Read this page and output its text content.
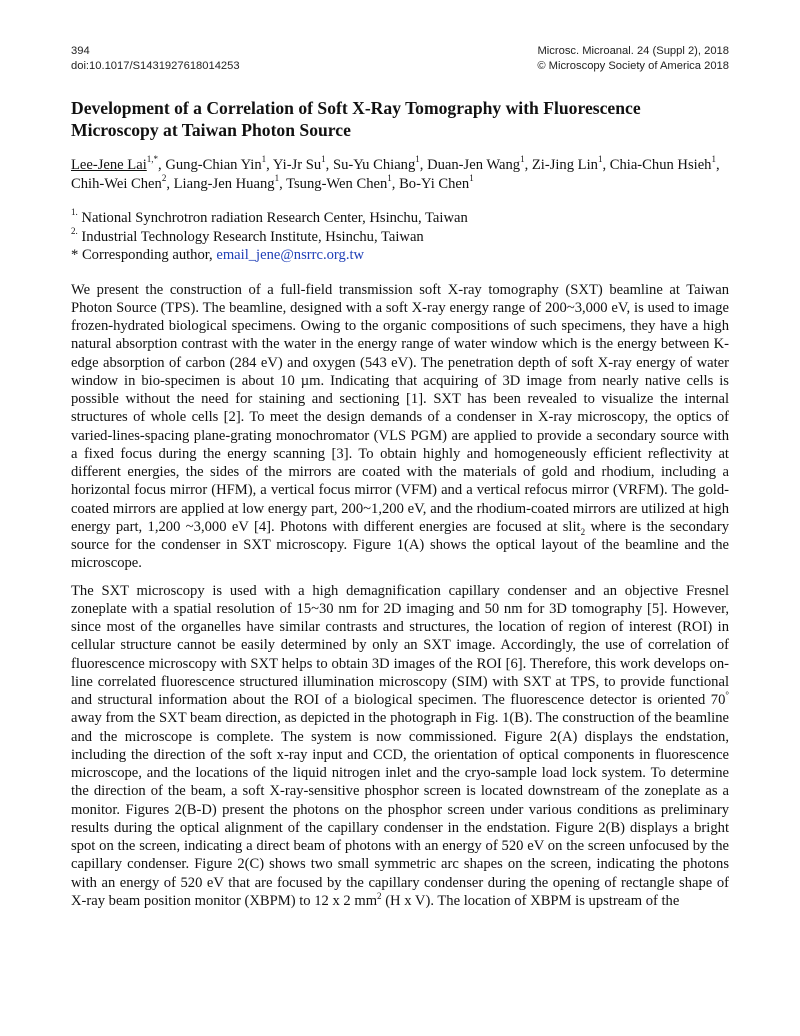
394
doi:10.1017/S1431927618014253
Microsc. Microanal. 24 (Suppl 2), 2018
© Microscopy Society of America 2018
Development of a Correlation of Soft X-Ray Tomography with Fluorescence
Microscopy at Taiwan Photon Source
Lee-Jene Lai$^{1,*}$, Gung-Chian Yin$^1$, Yi-Jr Su$^1$, Su-Yu Chiang$^1$, Duan-Jen Wang$^1$, Zi-Jing Lin$^1$, Chia-Chun Hsieh$^1$, Chih-Wei Chen$^2$, Liang-Jen Huang$^1$, Tsung-Wen Chen$^1$, Bo-Yi Chen$^1$
$^{1.}$ National Synchrotron radiation Research Center, Hsinchu, Taiwan
$^{2.}$ Industrial Technology Research Institute, Hsinchu, Taiwan
* Corresponding author, email_jene@nsrrc.org.tw

We present the construction of a full-field transmission soft X-ray tomography (SXT) beamline at Taiwan Photon Source (TPS). The beamline, designed with a soft X-ray energy range of 200~3,000 eV, is used to image frozen-hydrated biological specimens. Owing to the organic compositions of such specimens, they have a high natural absorption contrast with the water in the energy range of water window which is the energy between K-edge absorption of carbon (284 eV) and oxygen (543 eV). The penetration depth of soft X-ray energy of water window in bio-specimen is about 10 µm. Indicating that acquiring of 3D image from nearly native cells is possible without the need for staining and sectioning [1]. SXT has been revealed to visualize the internal structures of whole cells [2]. To meet the design demands of a condenser in X-ray microscopy, the optics of varied-lines-spacing plane-grating monochromator (VLS PGM) are applied to provide a secondary source with a fixed focus during the energy scanning [3]. To obtain highly and homogeneously efficient reflectivity at different energies, the sides of the mirrors are coated with the materials of gold and rhodium, including a horizontal focus mirror (HFM), a vertical focus mirror (VFM) and a vertical refocus mirror (VRFM). The gold-coated mirrors are applied at low energy part, 200~1,200 eV, and the rhodium-coated mirrors are utilized at high energy part, 1,200 ~3,000 eV [4]. Photons with different energies are focused at slit$_2$ where is the secondary source for the condenser in SXT microscopy. Figure 1(A) shows the optical layout of the beamline and the microscope.

The SXT microscopy is used with a high demagnification capillary condenser and an objective Fresnel zoneplate with a spatial resolution of 15~30 nm for 2D imaging and 50 nm for 3D tomography [5]. However, since most of the organelles have similar contrasts and structures, the location of region of interest (ROI) in cellular structure cannot be easily determined by only an SXT image. Accordingly, the use of correlation of fluorescence microscopy with SXT helps to obtain 3D images of the ROI [6]. Therefore, this work develops on-line correlated fluorescence structured illumination microscopy (SIM) with SXT at TPS, to provide functional and structural information about the ROI of a biological specimen. The fluorescence detector is oriented 70° away from the SXT beam direction, as depicted in the photograph in Fig. 1(B). The construction of the beamline and the microscope is complete. The system is now commissioned. Figure 2(A) displays the endstation, including the direction of the soft x-ray input and CCD, the orientation of optical components in fluorescence microscope, and the locations of the liquid nitrogen inlet and the cryo-sample load lock system. To determine the direction of the beam, a soft X-ray-sensitive phosphor screen is located downstream of the zoneplate as a monitor. Figures 2(B-D) present the photons on the phosphor screen under various conditions as preliminary results during the optical alignment of the capillary condenser in the endstation. Figure 2(B) displays a bright spot on the screen, indicating a direct beam of photons with an energy of 520 eV on the screen unfocused by the capillary condenser. Figure 2(C) shows two small symmetric arc shapes on the screen, indicating the photons with an energy of 520 eV that are focused by the capillary condenser during the opening of rectangle shape of X-ray beam position monitor (XBPM) to 12 x 2 $mm^2$ (H x V). The location of XBPM is upstream of the
